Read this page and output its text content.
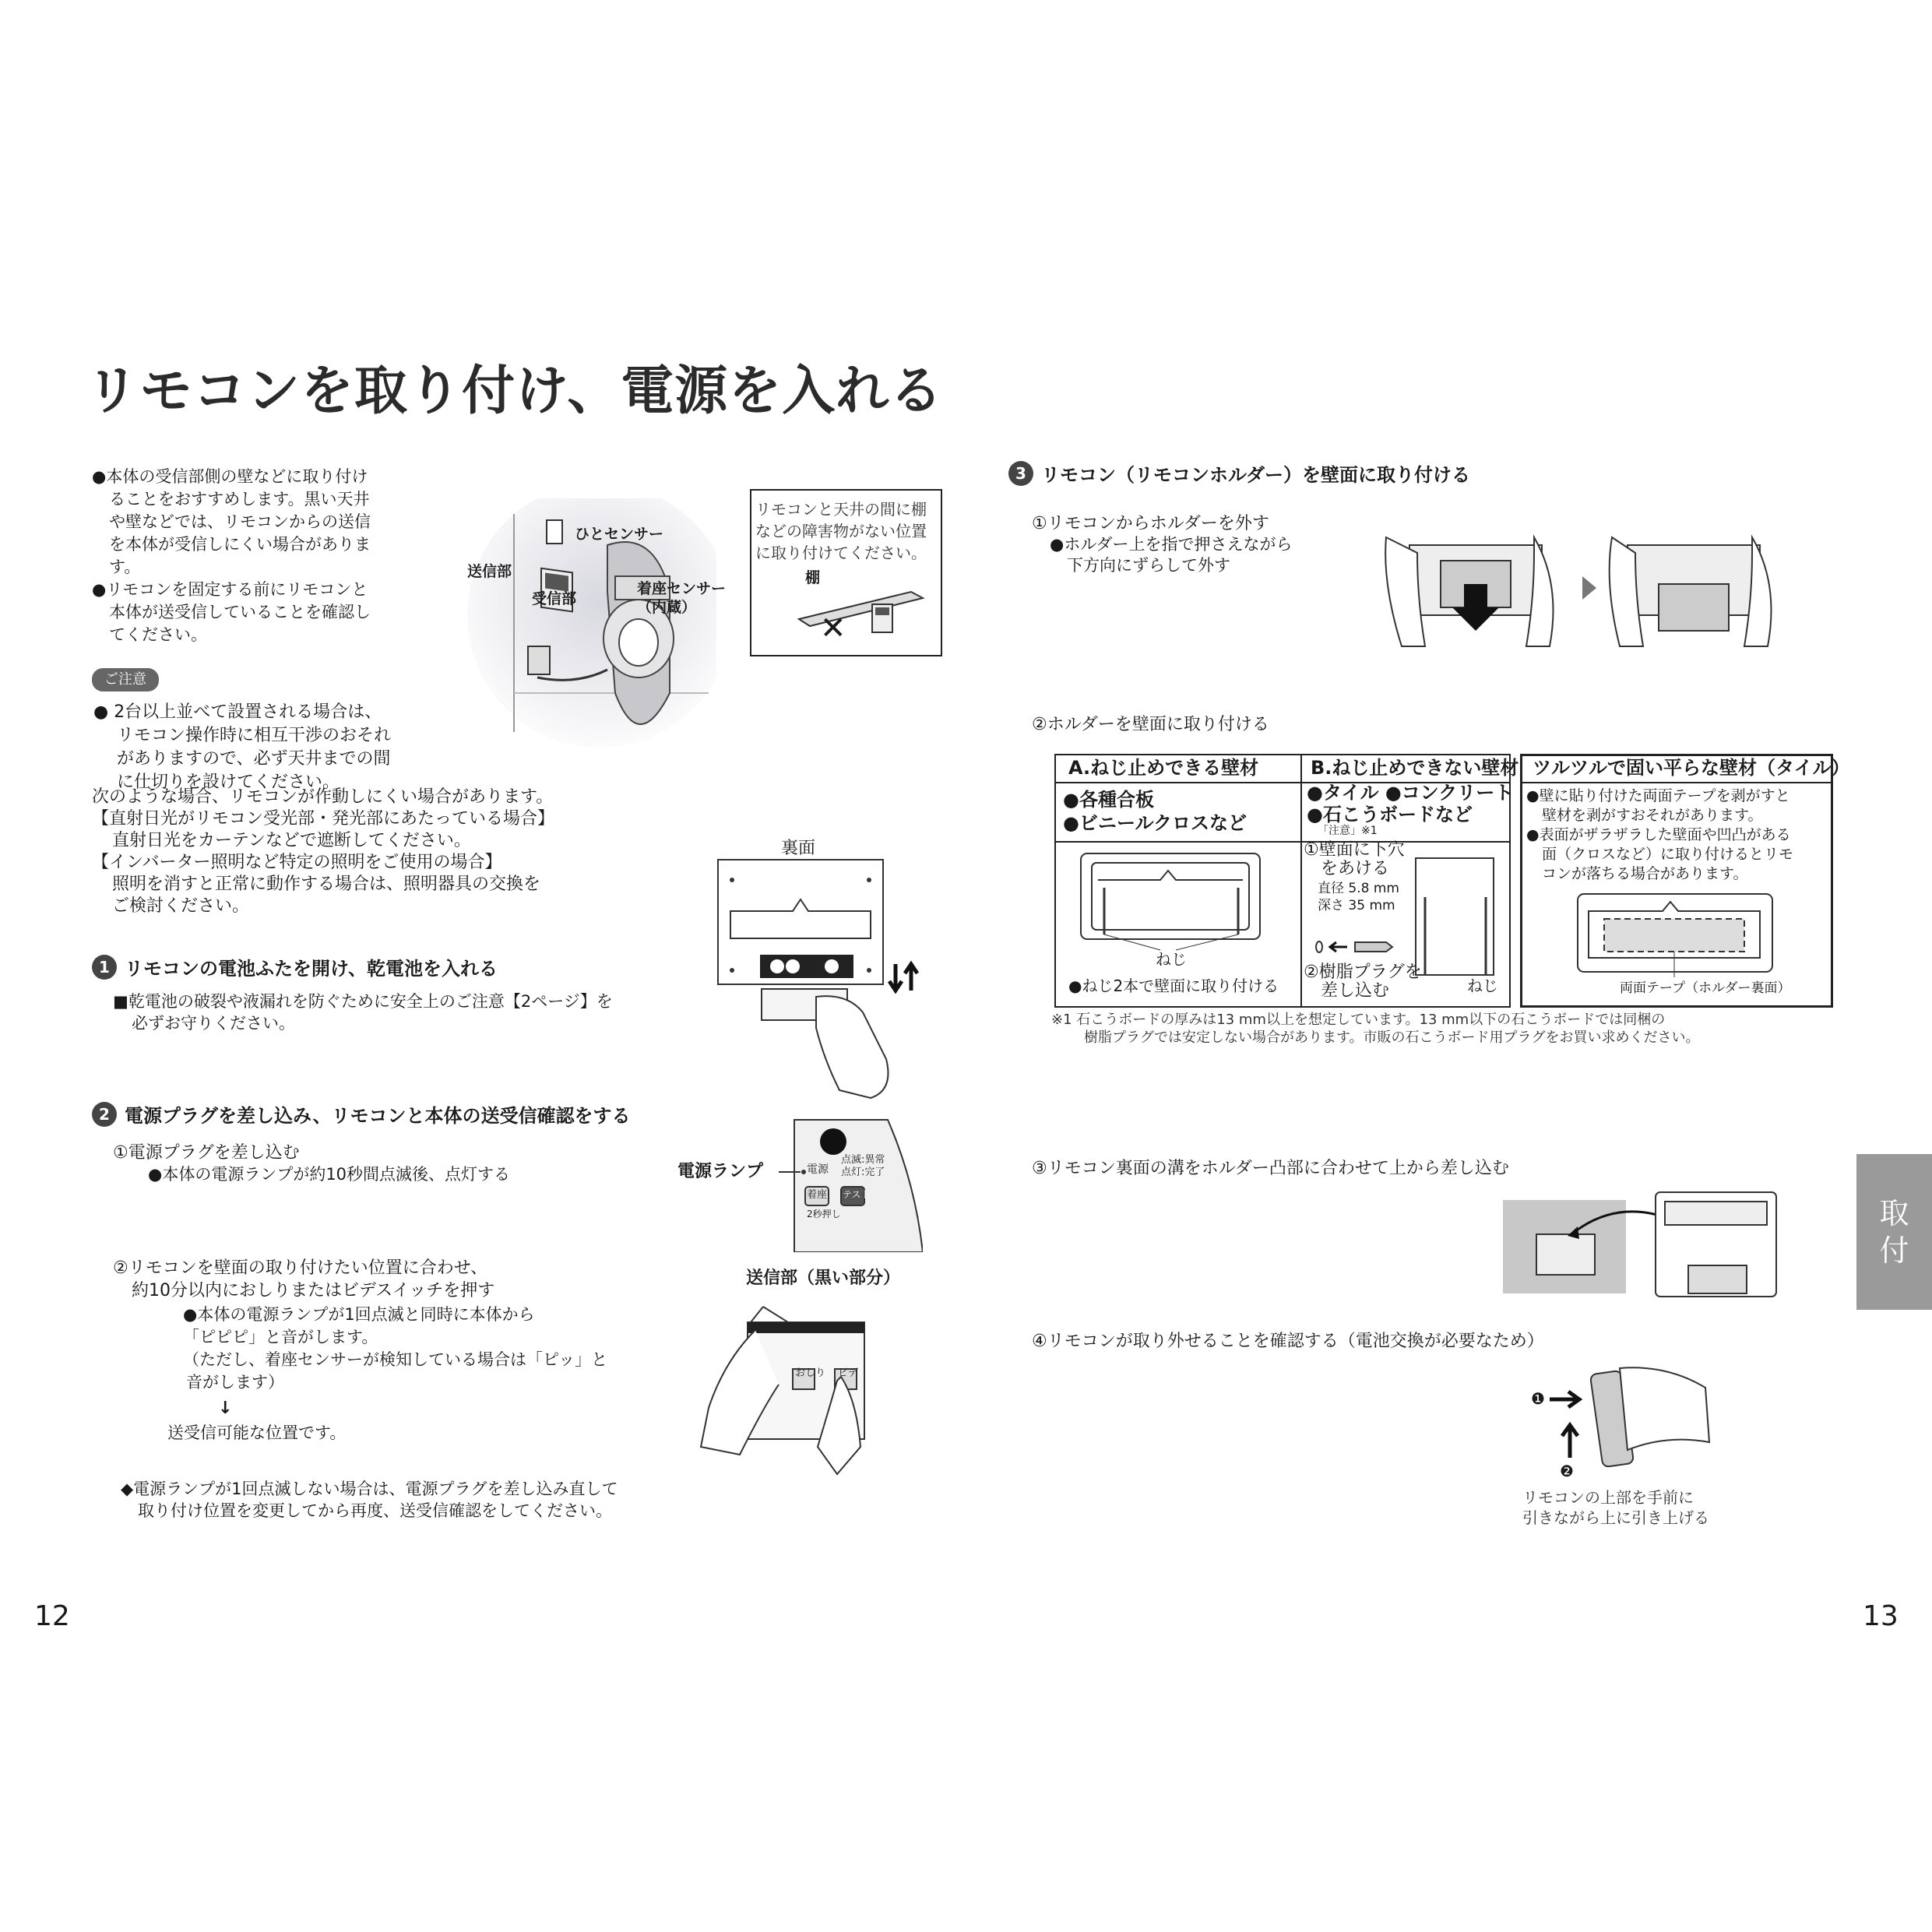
リモコンを取り付け、電源を入れる
●本体の受信部側の壁などに取り付け
ることをおすすめします。黒い天井
や壁などでは、リモコンからの送信
を本体が受信しにくい場合がありま
す。
●リモコンを固定する前にリモコンと
本体が送受信していることを確認し
てください。
ひとセンサー
送信部
受信部
着座センサー
（内蔵）
リモコンと天井の間に棚
などの障害物がない位置
に取り付けてください。
棚
✕
ご注意
● 2台以上並べて設置される場合は、
リモコン操作時に相互干渉のおそれ
がありますので、必ず天井までの間
に仕切りを設けてください。
次のような場合、リモコンが作動しにくい場合があります。
【直射日光がリモコン受光部・発光部にあたっている場合】
直射日光をカーテンなどで遮断してください。
【インバーター照明など特定の照明をご使用の場合】
照明を消すと正常に動作する場合は、照明器具の交換を
ご検討ください。
1 リモコンの電池ふたを開け、乾電池を入れる
■乾電池の破裂や液漏れを防ぐために安全上のご注意【2ページ】を
必ずお守りください。
裏面
2 電源プラグを差し込み、リモコンと本体の送受信確認をする
①電源プラグを差し込む
●本体の電源ランプが約10秒間点滅後、点灯する	電源ランプ	電源
点滅:異常
点灯:完了
着座 テスト
2秒押し
②リモコンを壁面の取り付けたい位置に合わせ、
約10分以内におしりまたはビデスイッチを押す
●本体の電源ランプが1回点滅と同時に本体から
「ピピピ」と音がします。
（ただし、着座センサーが検知している場合は「ピッ」と
音がします）
↓
送受信可能な位置です。
送信部（黒い部分）
おしり ビデ
◆電源ランプが1回点滅しない場合は、電源プラグを差し込み直して
取り付け位置を変更してから再度、送受信確認をしてください。
12
3 リモコン（リモコンホルダー）を壁面に取り付ける
①リモコンからホルダーを外す
●ホルダー上を指で押さえながら
下方向にずらして外す
②ホルダーを壁面に取り付ける
A.ねじ止めできる壁材	B.ねじ止めできない壁材
●各種合板
●ビニールクロスなど
●タイル ●コンクリート
●石こうボードなど
「注意」※1
ねじ
●ねじ2本で壁面に取り付ける
①壁面に下穴
をあける
直径 5.8 mm
深さ 35 mm
②樹脂プラグを
差し込む	ねじ
ツルツルで固い平らな壁材（タイル）
●壁に貼り付けた両面テープを剥がすと
壁材を剥がすおそれがあります。
●表面がザラザラした壁面や凹凸がある
面（クロスなど）に取り付けるとリモ
コンが落ちる場合があります。
両面テープ（ホルダー裏面）
※1 石こうボードの厚みは13 mm以上を想定しています。13 mm以下の石こうボードでは同梱の
樹脂プラグでは安定しない場合があります。市販の石こうボード用プラグをお買い求めください。
③リモコン裏面の溝をホルダー凸部に合わせて上から差し込む
④リモコンが取り外せることを確認する（電池交換が必要なため）
❶
❷
リモコンの上部を手前に
引きながら上に引き上げる
取
付
13
